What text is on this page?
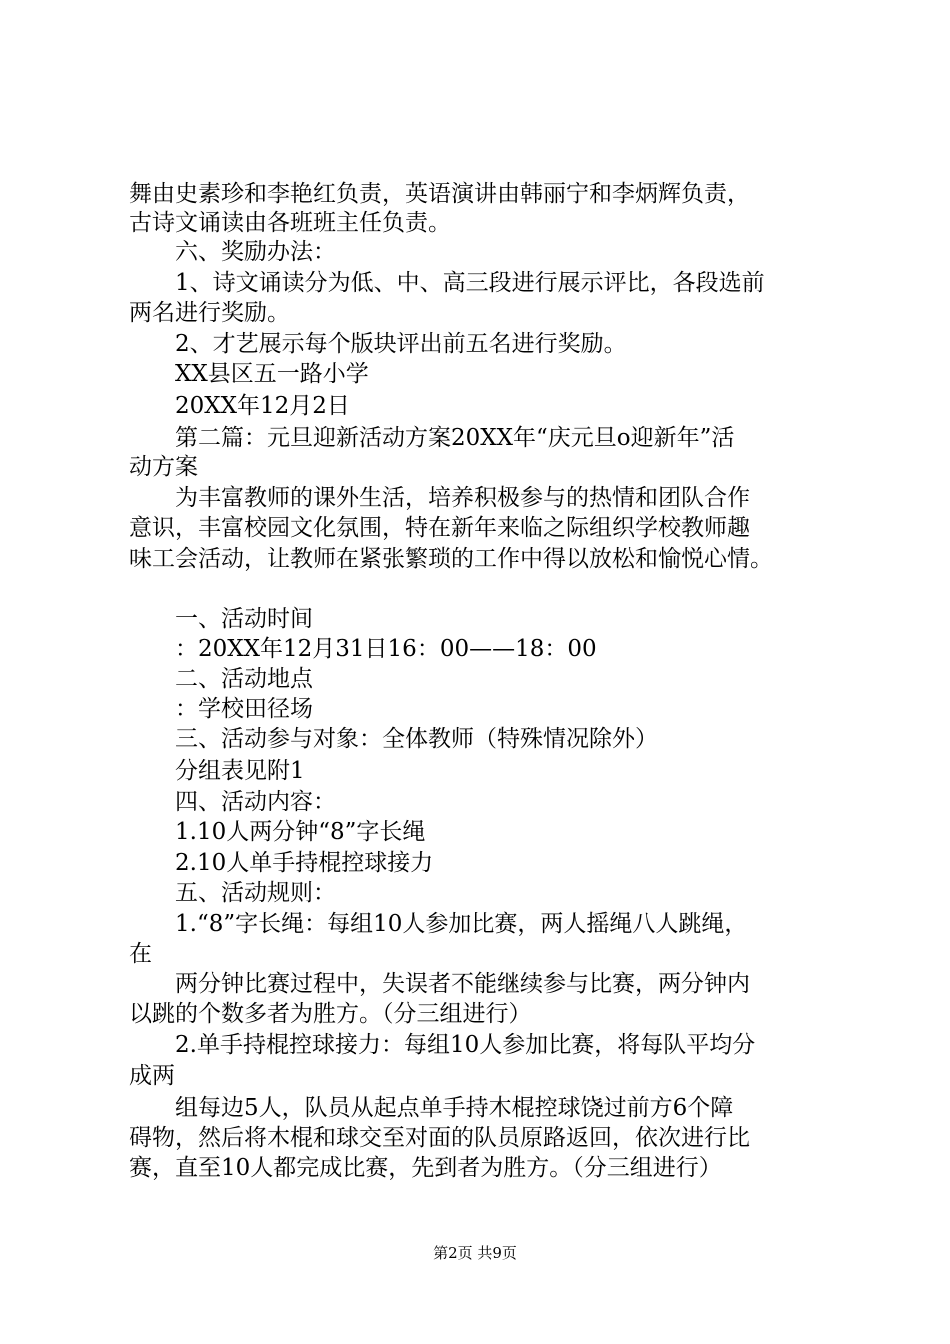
舞由史素珍和李艳红负责，英语演讲由韩丽宁和李炳辉负责，
古诗文诵读由各班班主任负责。
六、奖励办法：
1、诗文诵读分为低、中、高三段进行展示评比，各段选前
两名进行奖励。
2、才艺展示每个版块评出前五名进行奖励。
XX县区五一路小学
20XX年12月2日
第二篇：元旦迎新活动方案20XX年“庆元旦o迎新年”活
动方案
为丰富教师的课外生活，培养积极参与的热情和团队合作
意识，丰富校园文化氛围，特在新年来临之际组织学校教师趣
味工会活动，让教师在紧张繁琐的工作中得以放松和愉悦心情。
一、活动时间
：20XX年12月31日16：00——18：00
二、活动地点
：学校田径场
三、活动参与对象：全体教师（特殊情况除外）
分组表见附1
四、活动内容：
1.10人两分钟“8”字长绳
2.10人单手持棍控球接力
五、活动规则：
1.“8”字长绳：每组10人参加比赛，两人摇绳八人跳绳，
在
两分钟比赛过程中，失误者不能继续参与比赛，两分钟内
以跳的个数多者为胜方。（分三组进行）
2.单手持棍控球接力：每组10人参加比赛，将每队平均分
成两
组每边5人，队员从起点单手持木棍控球饶过前方6个障
碍物，然后将木棍和球交至对面的队员原路返回，依次进行比
赛，直至10人都完成比赛，先到者为胜方。（分三组进行）
第2页 共9页
